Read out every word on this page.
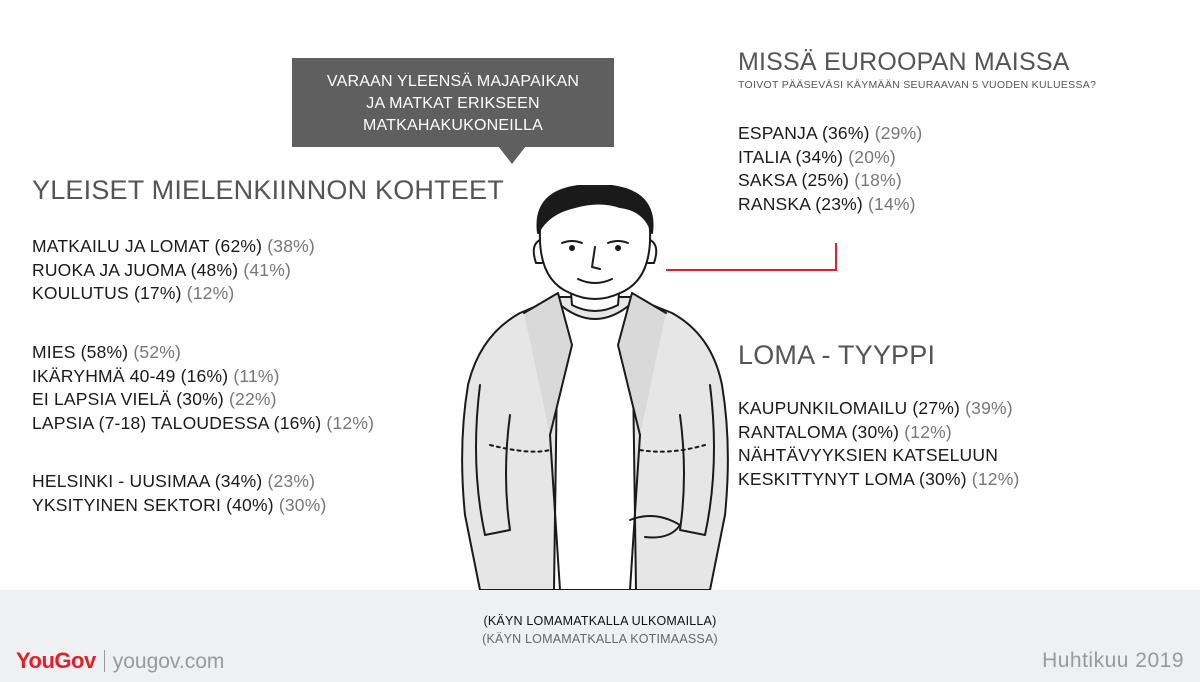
VARAAN YLEENSÄ MAJAPAIKAN
JA MATKAT ERIKSEEN
MATKAHAKUKONEILLA
YLEISET MIELENKIINNON KOHTEET
MATKAILU JA LOMAT (62%) (38%)
RUOKA JA JUOMA (48%) (41%)
KOULUTUS (17%) (12%)
MIES (58%) (52%)
IKÄRYHMÄ 40-49 (16%) (11%)
EI LAPSIA VIELÄ (30%) (22%)
LAPSIA (7-18) TALOUDESSA (16%) (12%)
HELSINKI - UUSIMAA (34%) (23%)
YKSITYINEN SEKTORI (40%) (30%)
MISSÄ EUROOPAN MAISSA
TOIVOT PÄÄSEVÄSI KÄYMÄÄN SEURAAVAN 5 VUODEN KULUESSA?
ESPANJA (36%) (29%)
ITALIA (34%) (20%)
SAKSA (25%) (18%)
RANSKA (23%) (14%)
LOMA - TYYPPI
KAUPUNKILOMAILU (27%) (39%)
RANTALOMA (30%) (12%)
NÄHTÄVYYKSIEN KATSELUUN
KESKITTYNYT LOMA (30%) (12%)
(KÄYN LOMAMATKALLA ULKOMAILLA)
(KÄYN LOMAMATKALLA KOTIMAASSA)
YouGov yougov.com	Huhtikuu 2019
